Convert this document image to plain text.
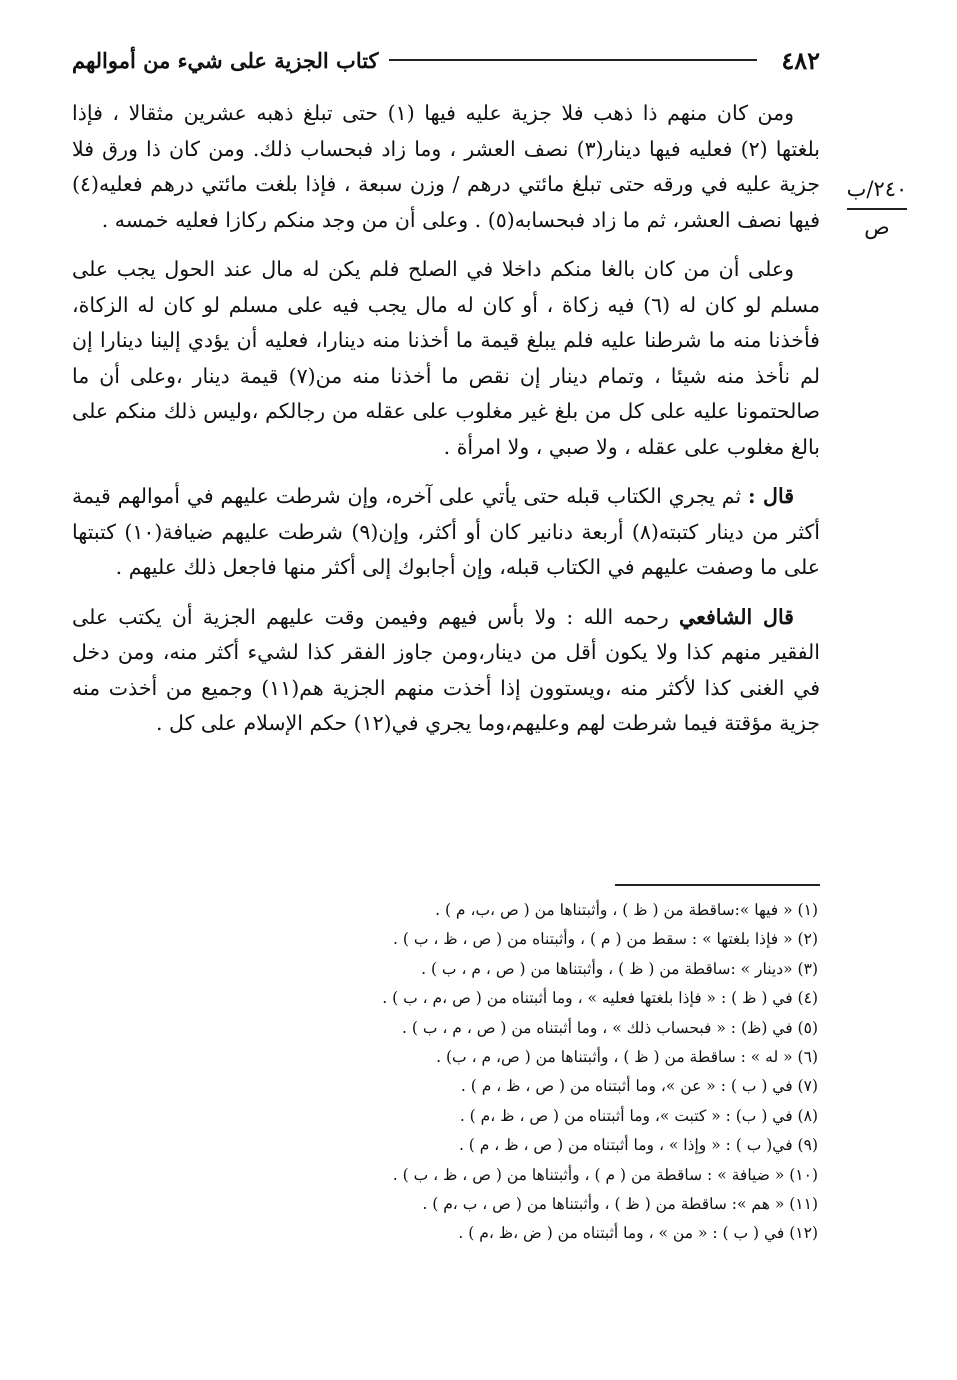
٤٨٢
كتاب الجزية على شيء من أموالهم
٢٤٠/ب
ص

ومن كان منهم ذا ذهب فلا جزية عليه فيها (١) حتى تبلغ ذهبه عشرين مثقالا ، فإذا بلغتها (٢) فعليه فيها دينار(٣) نصف العشر ، وما زاد فبحساب ذلك. ومن كان ذا ورق فلا جزية عليه في ورقه حتى تبلغ مائتي درهم / وزن سبعة ، فإذا بلغت مائتي درهم فعليه(٤) فيها نصف العشر، ثم ما زاد فبحسابه(٥) . وعلى أن من وجد منكم ركازا فعليه خمسه .

وعلى أن من كان بالغا منكم داخلا في الصلح فلم يكن له مال عند الحول يجب على مسلم لو كان له (٦) فيه زكاة ، أو كان له مال يجب فيه على مسلم لو كان له الزكاة، فأخذنا منه ما شرطنا عليه فلم يبلغ قيمة ما أخذنا منه دينارا، فعليه أن يؤدي إلينا دينارا إن لم نأخذ منه شيئا ، وتمام دينار إن نقص ما أخذنا منه من(٧) قيمة دينار ،وعلى أن ما صالحتمونا عليه على كل من بلغ غير مغلوب على عقله من رجالكم ،وليس ذلك منكم على بالغ مغلوب على عقله ، ولا صبي ، ولا امرأة .

قال : ثم يجري الكتاب قبله حتى يأتي على آخره، وإن شرطت عليهم في أموالهم قيمة أكثر من دينار كتبته(٨) أربعة دنانير كان أو أكثر، وإن(٩) شرطت عليهم ضيافة(١٠) كتبتها على ما وصفت عليهم في الكتاب قبله، وإن أجابوك إلى أكثر منها فاجعل ذلك عليهم .

قال الشافعي رحمه الله : ولا بأس فيهم وفيمن وقت عليهم الجزية أن يكتب على الفقير منهم كذا ولا يكون أقل من دينار،ومن جاوز الفقر كذا لشيء أكثر منه، ومن دخل في الغنى كذا لأكثر منه ،ويستوون إذا أخذت منهم الجزية هم(١١) وجميع من أخذت منه جزية مؤقتة فيما شرطت لهم وعليهم،وما يجري في(١٢) حكم الإسلام على كل .

(١) « فيها »:ساقطة من ( ظ ) ، وأثبتناها من ( ص ،ب، م ) .
(٢) « فإذا بلغتها » : سقط من ( م ) ، وأثبتناه من ( ص ، ظ ، ب ) .
(٣) «دينار » :ساقطة من ( ظ ) ، وأثبتناها من ( ص ، م ، ب ) .
(٤) في ( ظ ) : « فإذا بلغتها فعليه » ، وما أثبتناه من ( ص ،م ، ب ) .
(٥) في (ظ) : « فبحساب ذلك » ، وما أثبتناه من ( ص ، م ، ب ) .
(٦) « له » : ساقطة من ( ظ ) ، وأثبتناها من ( ص، م ، ب) .
(٧) في ( ب ) : « عن »، وما أثبتناه من ( ص ، ظ ، م ) .
(٨) في ( ب) : « كتبت »، وما أثبتناه من ( ص ، ظ ،م ) .
(٩) في( ب ) : « وإذا » ، وما أثبتناه من ( ص ، ظ ، م ) .
(١٠) « ضيافة » : ساقطة من ( م ) ، وأثبتناها من ( ص ، ظ ، ب ) .
(١١) « هم »: ساقطة من ( ظ ) ، وأثبتناها من ( ص ، ب ،م ) .
(١٢) في ( ب ) : « من » ، وما أثبتناه من ( ض ،ظ ،م ) .
